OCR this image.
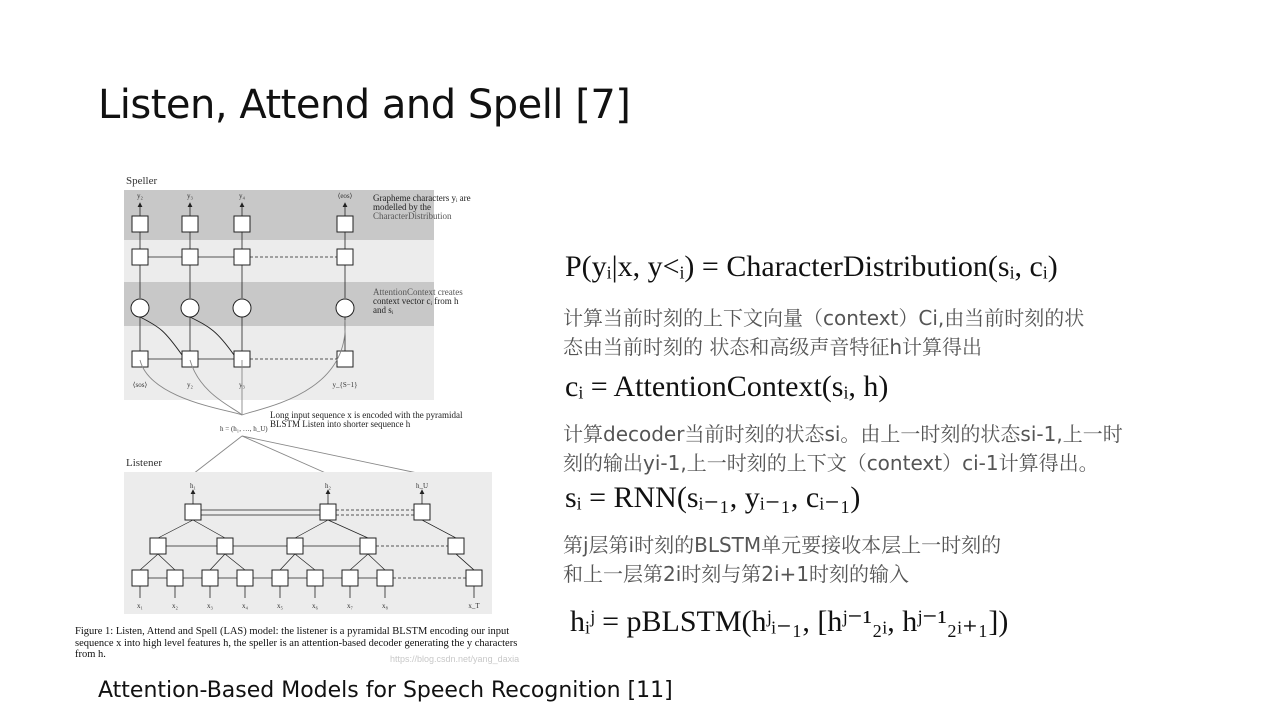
Listen, Attend and Spell [7]
Speller
y₂
⟨sos⟩
y₃
y₂
y₄
y₃
⟨eos⟩
y_{S−1}
Grapheme characters yᵢ are
modelled by the
CharacterDistribution
AttentionContext creates
context vector cᵢ from h
and sᵢ
Long input sequence x is encoded with the pyramidal
BLSTM Listen into shorter sequence h
h = (h₁, …, h_U)
Listener
x₁	x₂	x₃	x₄	x₅	x₆	x₇	x₈	x_T
h₁	h₂	h_U
Figure 1: Listen, Attend and Spell (LAS) model: the listener is a pyramidal BLSTM encoding our input
sequence x into high level features h, the speller is an attention-based decoder generating the y characters
from h.	https://blog.csdn.net/yang_daxia
P(yᵢ|x, y<ᵢ) = CharacterDistribution(sᵢ, cᵢ)
计算当前时刻的上下文向量（context）Ci,由当前时刻的状
态由当前时刻的 状态和高级声音特征h计算得出
cᵢ = AttentionContext(sᵢ, h)
计算decoder当前时刻的状态si。由上一时刻的状态si-1,上一时
刻的输出yi-1,上一时刻的上下文（context）ci-1计算得出。
sᵢ = RNN(sᵢ₋₁, yᵢ₋₁, cᵢ₋₁)
第j层第i时刻的BLSTM单元要接收本层上一时刻的
和上一层第2i时刻与第2i+1时刻的输入
hᵢʲ = pBLSTM(hʲᵢ₋₁, [hʲ⁻¹₂ᵢ, hʲ⁻¹₂ᵢ₊₁])
Attention-Based Models for Speech Recognition [11]
